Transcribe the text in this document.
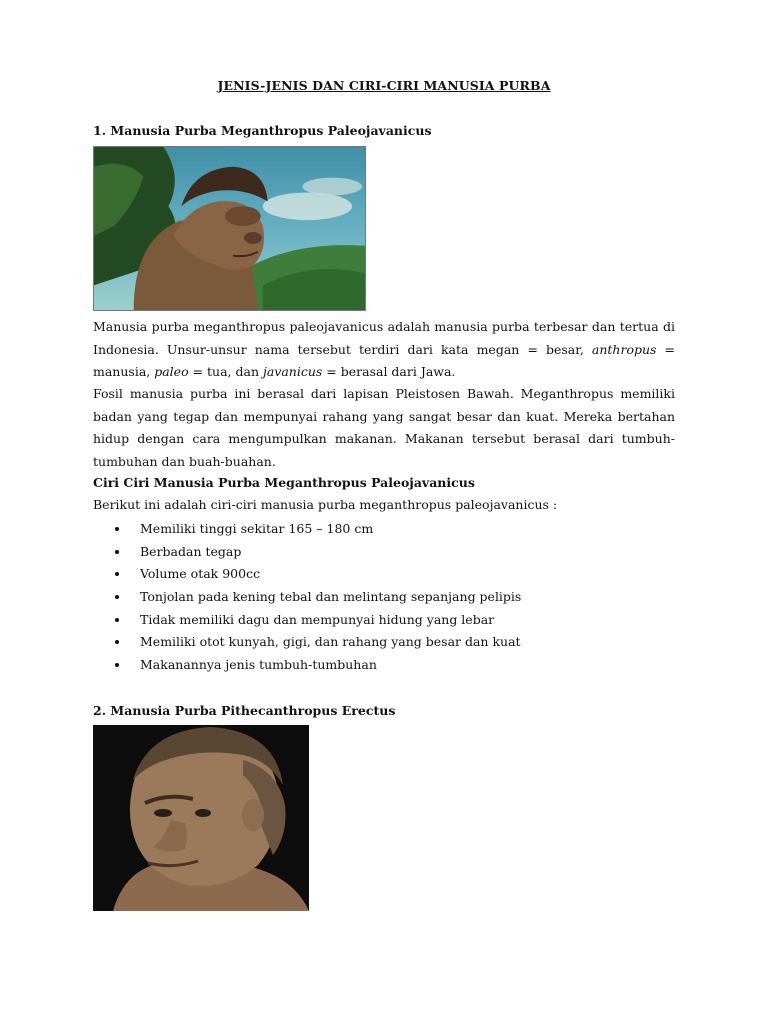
JENIS-JENIS DAN CIRI-CIRI MANUSIA PURBA
1. Manusia Purba Meganthropus Paleojavanicus
Manusia purba meganthropus paleojavanicus adalah manusia purba terbesar dan tertua di Indonesia. Unsur-unsur nama tersebut terdiri dari kata megan = besar, anthropus = manusia, paleo = tua, dan javanicus = berasal dari Jawa.
Fosil manusia purba ini berasal dari lapisan Pleistosen Bawah. Meganthropus memiliki badan yang tegap dan mempunyai rahang yang sangat besar dan kuat. Mereka bertahan hidup dengan cara mengumpulkan makanan. Makanan tersebut berasal dari tumbuh-tumbuhan dan buah-buahan.
Ciri Ciri Manusia Purba Meganthropus Paleojavanicus
Berikut ini adalah ciri-ciri manusia purba meganthropus paleojavanicus :
Memiliki tinggi sekitar 165 – 180 cm
Berbadan tegap
Volume otak 900cc
Tonjolan pada kening tebal dan melintang sepanjang pelipis
Tidak memiliki dagu dan mempunyai hidung yang lebar
Memiliki otot kunyah, gigi, dan rahang yang besar dan kuat
Makanannya jenis tumbuh-tumbuhan
2. Manusia Purba Pithecanthropus Erectus
